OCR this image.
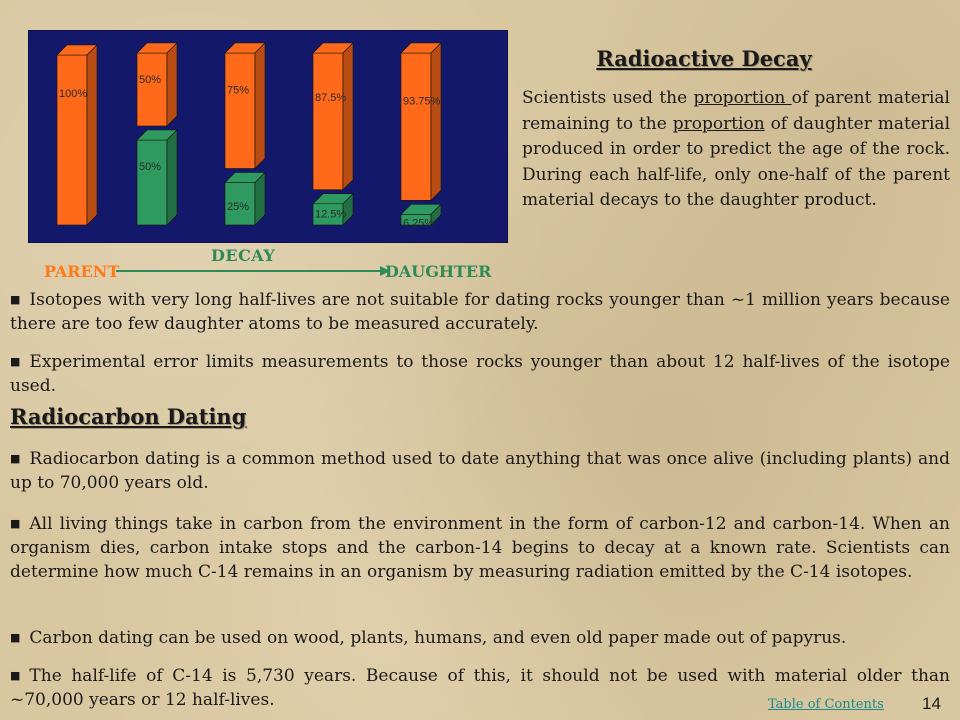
100%
50%
50%
75%
25%
87.5%
12.5%
93.75%
6.25%
DECAY
PARENT	DAUGHTER
Radioactive Decay
Scientists used the proportion of parent material remaining to the proportion of daughter material produced in order to predict the age of the rock. During each half-life, only one-half of the parent material decays to the daughter product.
■ Isotopes with very long half-lives are not suitable for dating rocks younger than ~1 million years because there are too few daughter atoms to be measured accurately.
■ Experimental error limits measurements to those rocks younger than about 12 half-lives of the isotope used.
Radiocarbon Dating
■ Radiocarbon dating is a common method used to date anything that was once alive (including plants) and up to 70,000 years old.
■ All living things take in carbon from the environment in the form of carbon-12 and carbon-14. When an organism dies, carbon intake stops and the carbon-14 begins to decay at a known rate. Scientists can determine how much C-14 remains in an organism by measuring radiation emitted by the C-14 isotopes.
■ Carbon dating can be used on wood, plants, humans, and even old paper made out of papyrus.
■ The half-life of C-14 is 5,730 years. Because of this, it should not be used with material older than ~70,000 years or 12 half-lives.	Table of Contents 14
